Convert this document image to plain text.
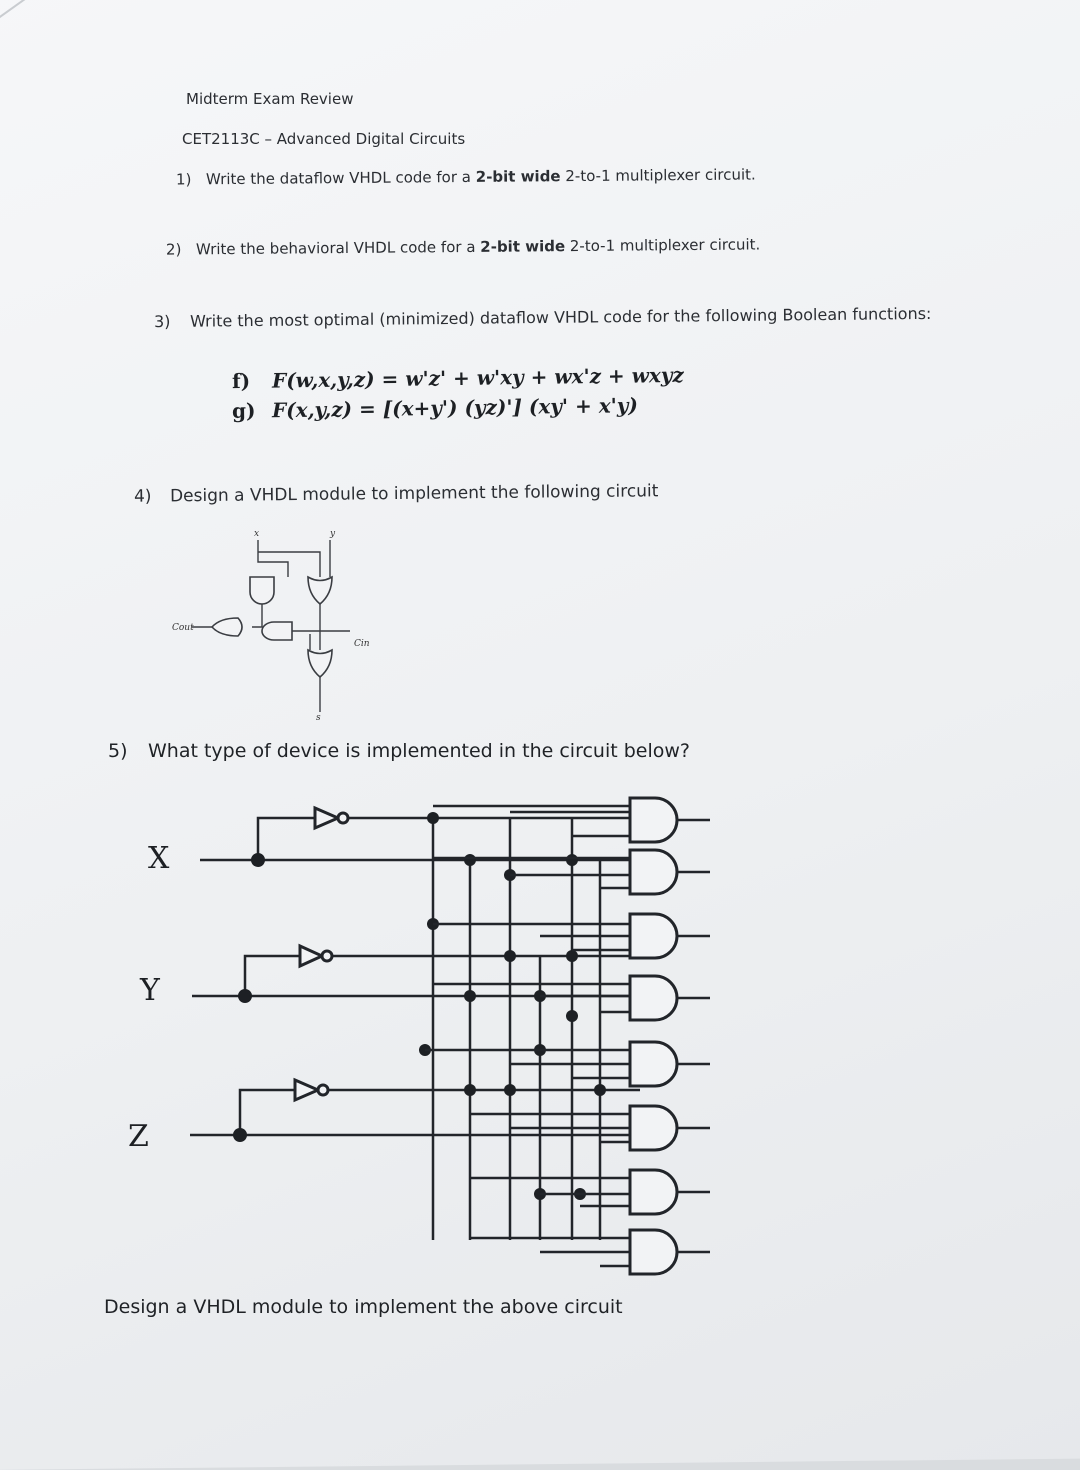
Midterm Exam Review
CET2113C – Advanced Digital Circuits
1) Write the dataflow VHDL code for a 2-bit wide 2-to-1 multiplexer circuit.
2) Write the behavioral VHDL code for a 2-bit wide 2-to-1 multiplexer circuit.
3) Write the most optimal (minimized) dataflow VHDL code for the following Boolean functions:
f) F(w,x,y,z) = w'z' + w'xy + wx'z + wxyz
g) F(x,y,z) = [(x+y') (yz)'] (xy' + x'y)
4) Design a VHDL module to implement the following circuit
x	y
Cout
Cin
s
5) What type of device is implemented in the circuit below?
X
Y
Z
Design a VHDL module to implement the above circuit
